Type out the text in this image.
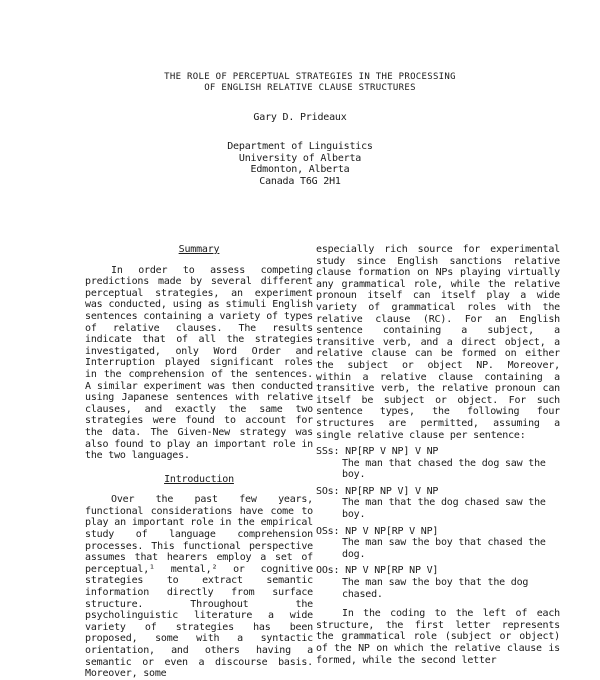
THE ROLE OF PERCEPTUAL STRATEGIES IN THE PROCESSING
OF ENGLISH RELATIVE CLAUSE STRUCTURES
Gary D. Prideaux
Department of Linguistics
University of Alberta
Edmonton, Alberta
Canada T6G 2H1
Summary

In order to assess competing predictions made by several different perceptual strategies, an experiment was conducted, using as stimuli English sentences containing a variety of types of relative clauses. The results indicate that of all the strategies investigated, only Word Order and Interruption played significant roles in the comprehension of the sentences. A similar experiment was then conducted using Japanese sentences with relative clauses, and exactly the same two strategies were found to account for the data. The Given-New strategy was also found to play an important role in the two languages.

Introduction

Over the past few years, functional considerations have come to play an important role in the empirical study of language comprehension processes. This functional perspective assumes that hearers employ a set of perceptual,¹ mental,² or cognitive strategies to extract semantic information directly from surface structure. Throughout the psycholinguistic literature a wide variety of strategies has been proposed, some with a syntactic orientation, and others having a semantic or even a discourse basis. Moreover, some

especially rich source for experimental study since English sanctions relative clause formation on NPs playing virtually any grammatical role, while the relative pronoun itself can itself play a wide variety of grammatical roles with the relative clause (RC). For an English sentence containing a subject, a transitive verb, and a direct object, a relative clause can be formed on either the subject or object NP. Moreover, within a relative clause containing a transitive verb, the relative pronoun can itself be subject or object. For such sentence types, the following four structures are permitted, assuming a single relative clause per sentence:

SSs: NP[RP V NP] V NP
The man that chased the dog saw the boy.
SOs: NP[RP NP V] V NP
The man that the dog chased saw the boy.
OSs: NP V NP[RP V NP]
The man saw the boy that chased the dog.
OOs: NP V NP[RP NP V]
The man saw the boy that the dog chased.

In the coding to the left of each structure, the first letter represents the grammatical role (subject or object) of the NP on which the relative clause is formed, while the second letter
